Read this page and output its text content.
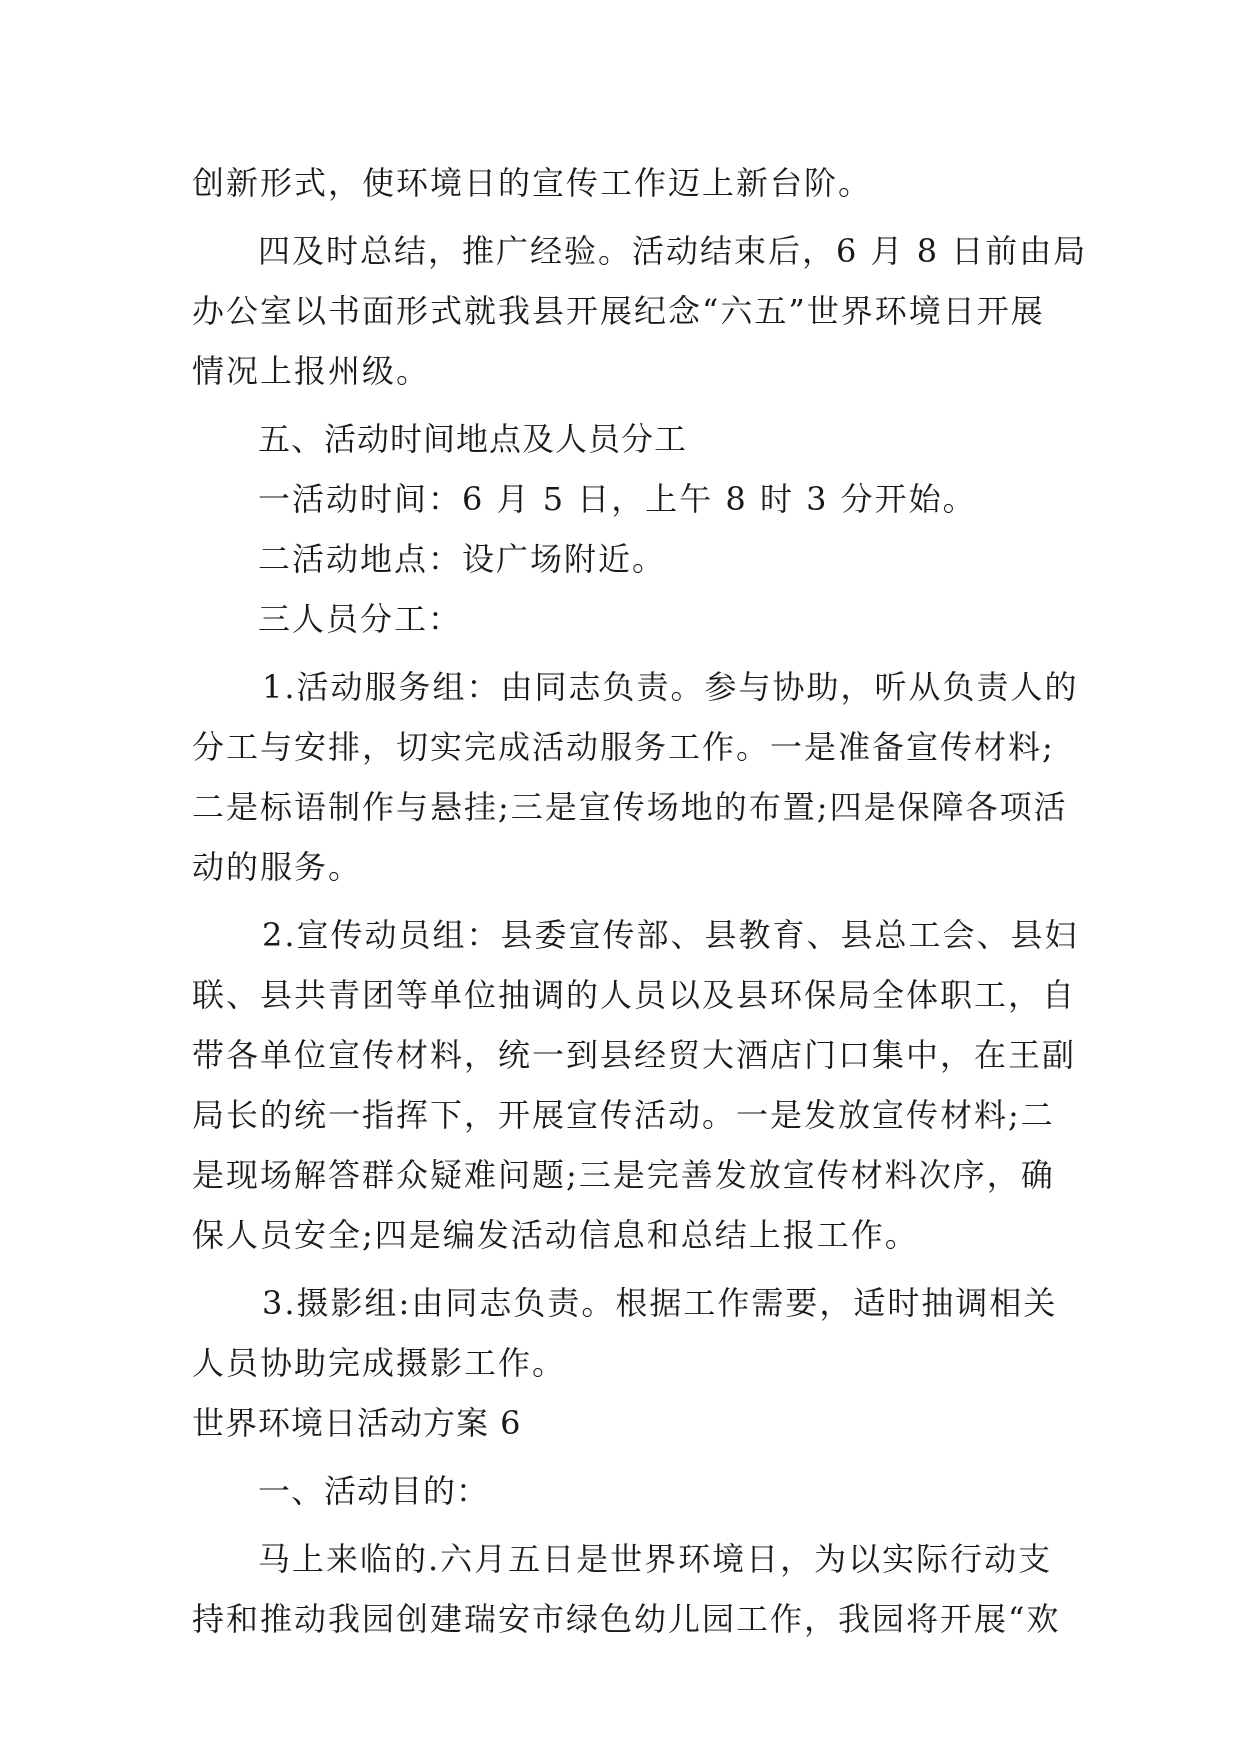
创新形式，使环境日的宣传工作迈上新台阶。
四及时总结，推广经验。活动结束后，6 月 8 日前由局
办公室以书面形式就我县开展纪念“六五”世界环境日开展
情况上报州级。
五、活动时间地点及人员分工
一活动时间：6 月 5 日，上午 8 时 3 分开始。
二活动地点：设广场附近。
三人员分工：
1.活动服务组：由同志负责。参与协助，听从负责人的
分工与安排，切实完成活动服务工作。一是准备宣传材料;
二是标语制作与悬挂;三是宣传场地的布置;四是保障各项活
动的服务。
2.宣传动员组：县委宣传部、县教育、县总工会、县妇
联、县共青团等单位抽调的人员以及县环保局全体职工，自
带各单位宣传材料，统一到县经贸大酒店门口集中，在王副
局长的统一指挥下，开展宣传活动。一是发放宣传材料;二
是现场解答群众疑难问题;三是完善发放宣传材料次序，确
保人员安全;四是编发活动信息和总结上报工作。
3.摄影组:由同志负责。根据工作需要，适时抽调相关
人员协助完成摄影工作。
世界环境日活动方案 6
一、活动目的：
马上来临的.六月五日是世界环境日，为以实际行动支
持和推动我园创建瑞安市绿色幼儿园工作，我园将开展“欢
